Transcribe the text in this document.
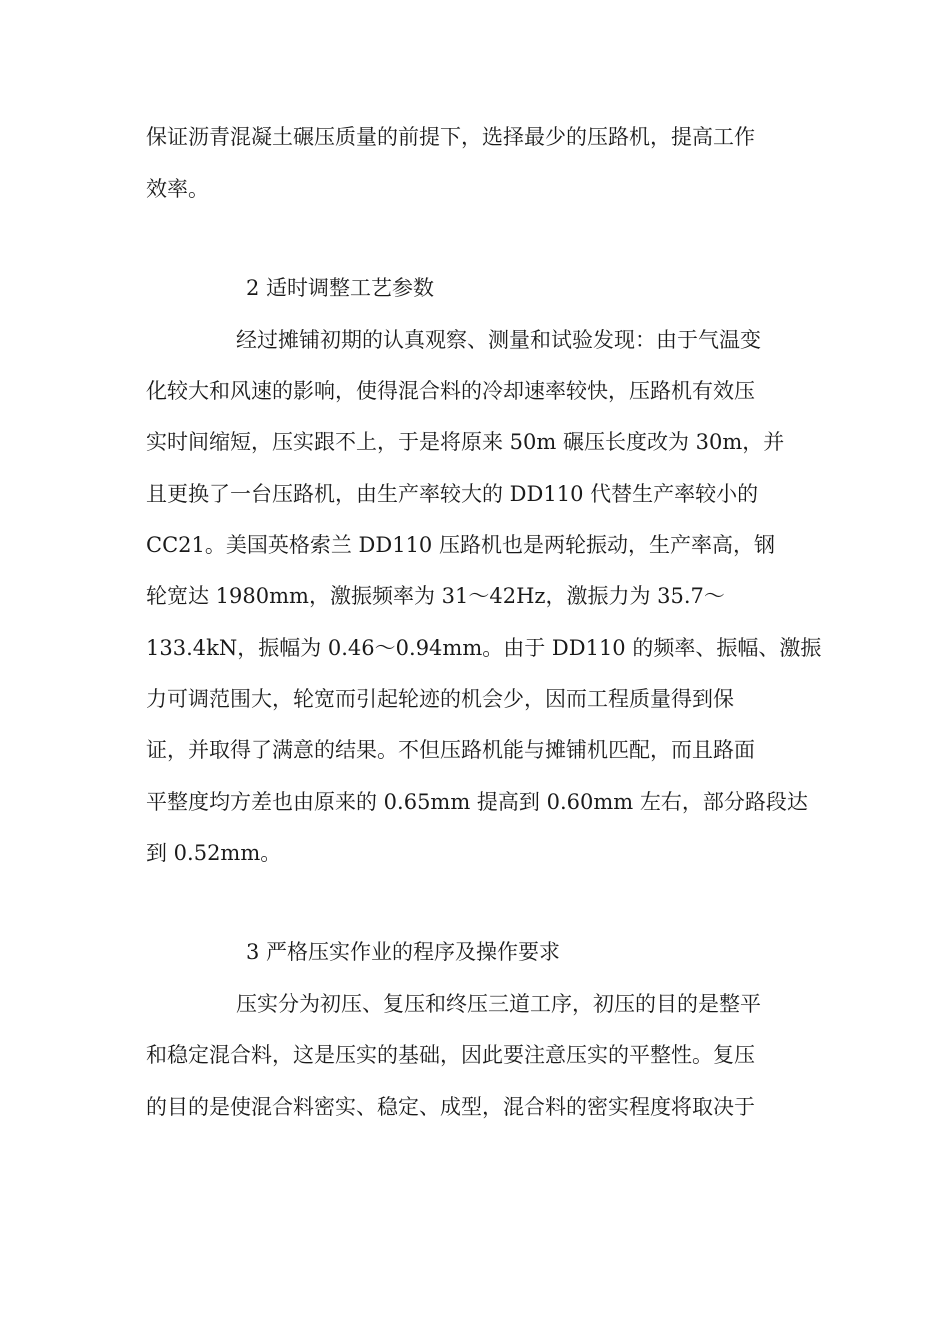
保证沥青混凝土碾压质量的前提下，选择最少的压路机，提高工作
效率。
2 适时调整工艺参数
经过摊铺初期的认真观察、测量和试验发现：由于气温变
化较大和风速的影响，使得混合料的冷却速率较快，压路机有效压
实时间缩短，压实跟不上，于是将原来 50m 碾压长度改为 30m，并
且更换了一台压路机，由生产率较大的 DD110 代替生产率较小的
CC21。美国英格索兰 DD110 压路机也是两轮振动，生产率高，钢
轮宽达 1980mm，激振频率为 31～42Hz，激振力为 35.7～
133.4kN，振幅为 0.46～0.94mm。由于 DD110 的频率、振幅、激振
力可调范围大，轮宽而引起轮迹的机会少，因而工程质量得到保
证，并取得了满意的结果。不但压路机能与摊铺机匹配，而且路面
平整度均方差也由原来的 0.65mm 提高到 0.60mm 左右，部分路段达
到 0.52mm。
3 严格压实作业的程序及操作要求
压实分为初压、复压和终压三道工序，初压的目的是整平
和稳定混合料，这是压实的基础，因此要注意压实的平整性。复压
的目的是使混合料密实、稳定、成型，混合料的密实程度将取决于
